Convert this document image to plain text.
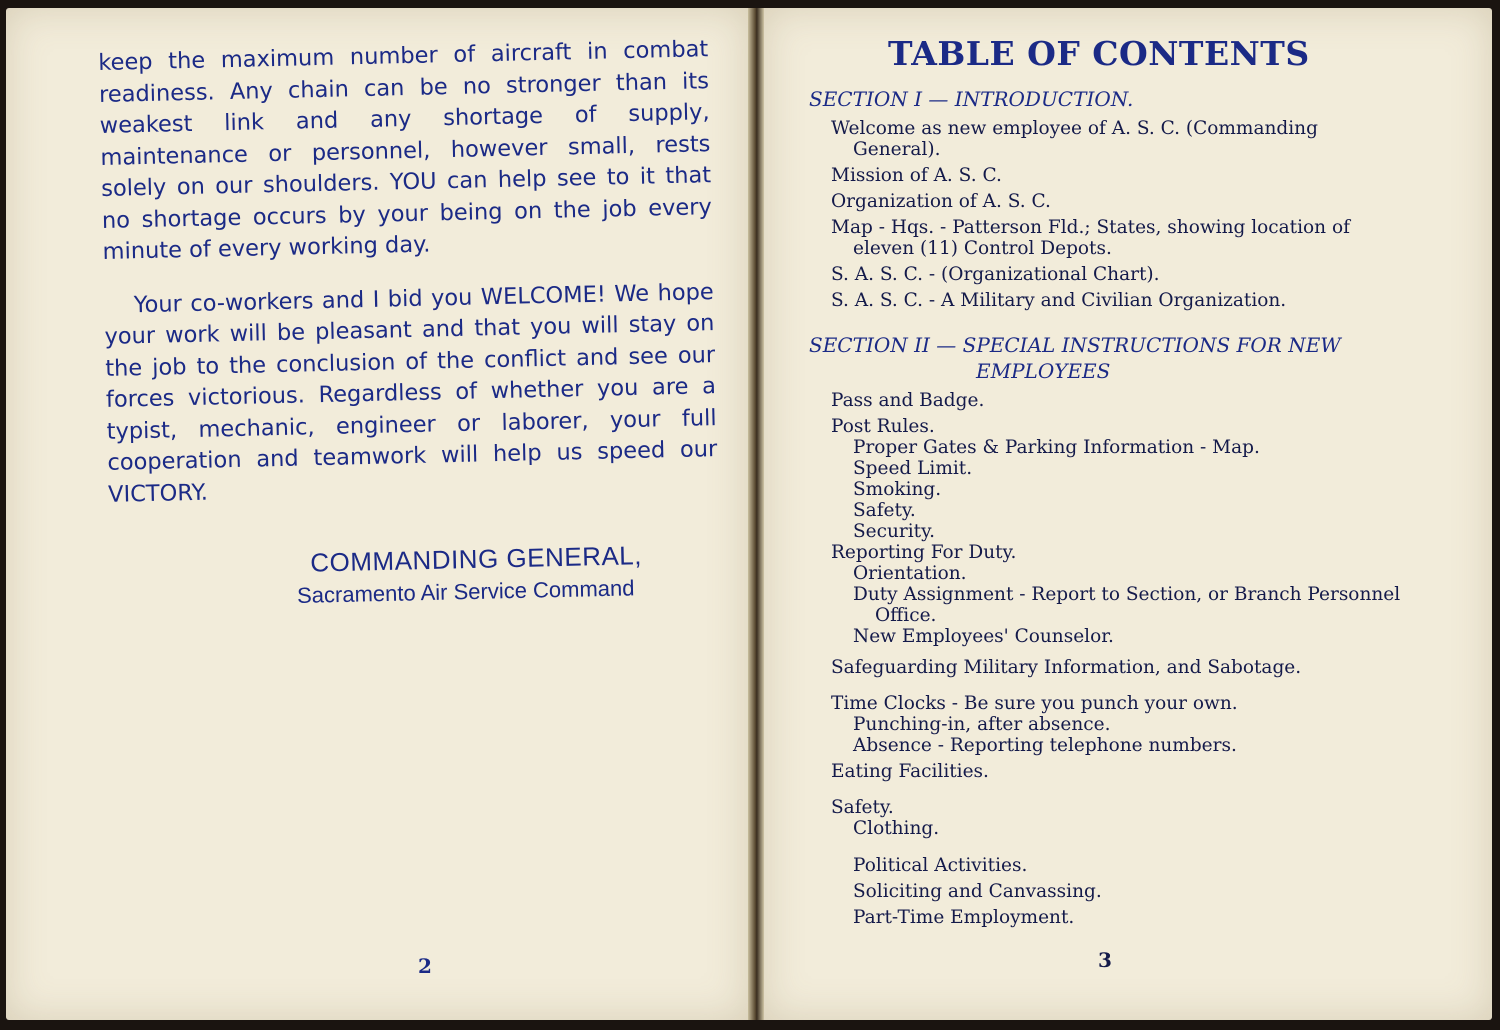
keep the maximum number of aircraft in combat readiness. Any chain can be no stronger than its weakest link and any shortage of supply, maintenance or personnel, however small, rests solely on our shoulders. YOU can help see to it that no shortage occurs by your being on the job every minute of every working day.

Your co-workers and I bid you WELCOME! We hope your work will be pleasant and that you will stay on the job to the conclusion of the conflict and see our forces victorious. Regardless of whether you are a typist, mechanic, engineer or laborer, your full cooperation and teamwork will help us speed our VICTORY.

COMMANDING GENERAL,
Sacramento Air Service Command
2
TABLE OF CONTENTS
SECTION I — INTRODUCTION.
Welcome as new employee of A. S. C. (Commanding General).
Mission of A. S. C.
Organization of A. S. C.
Map - Hqs. - Patterson Fld.; States, showing location of eleven (11) Control Depots.
S. A. S. C. - (Organizational Chart).
S. A. S. C. - A Military and Civilian Organization.
SECTION II — SPECIAL INSTRUCTIONS FOR NEW
EMPLOYEES
Pass and Badge.
Post Rules.
Proper Gates & Parking Information - Map.
Speed Limit.
Smoking.
Safety.
Security.
Reporting For Duty.
Orientation.
Duty Assignment - Report to Section, or Branch Personnel Office.
New Employees' Counselor.
Safeguarding Military Information, and Sabotage.
Time Clocks - Be sure you punch your own.
Punching-in, after absence.
Absence - Reporting telephone numbers.
Eating Facilities.
Safety.
Clothing.
Political Activities.
Soliciting and Canvassing.
Part-Time Employment.
3
